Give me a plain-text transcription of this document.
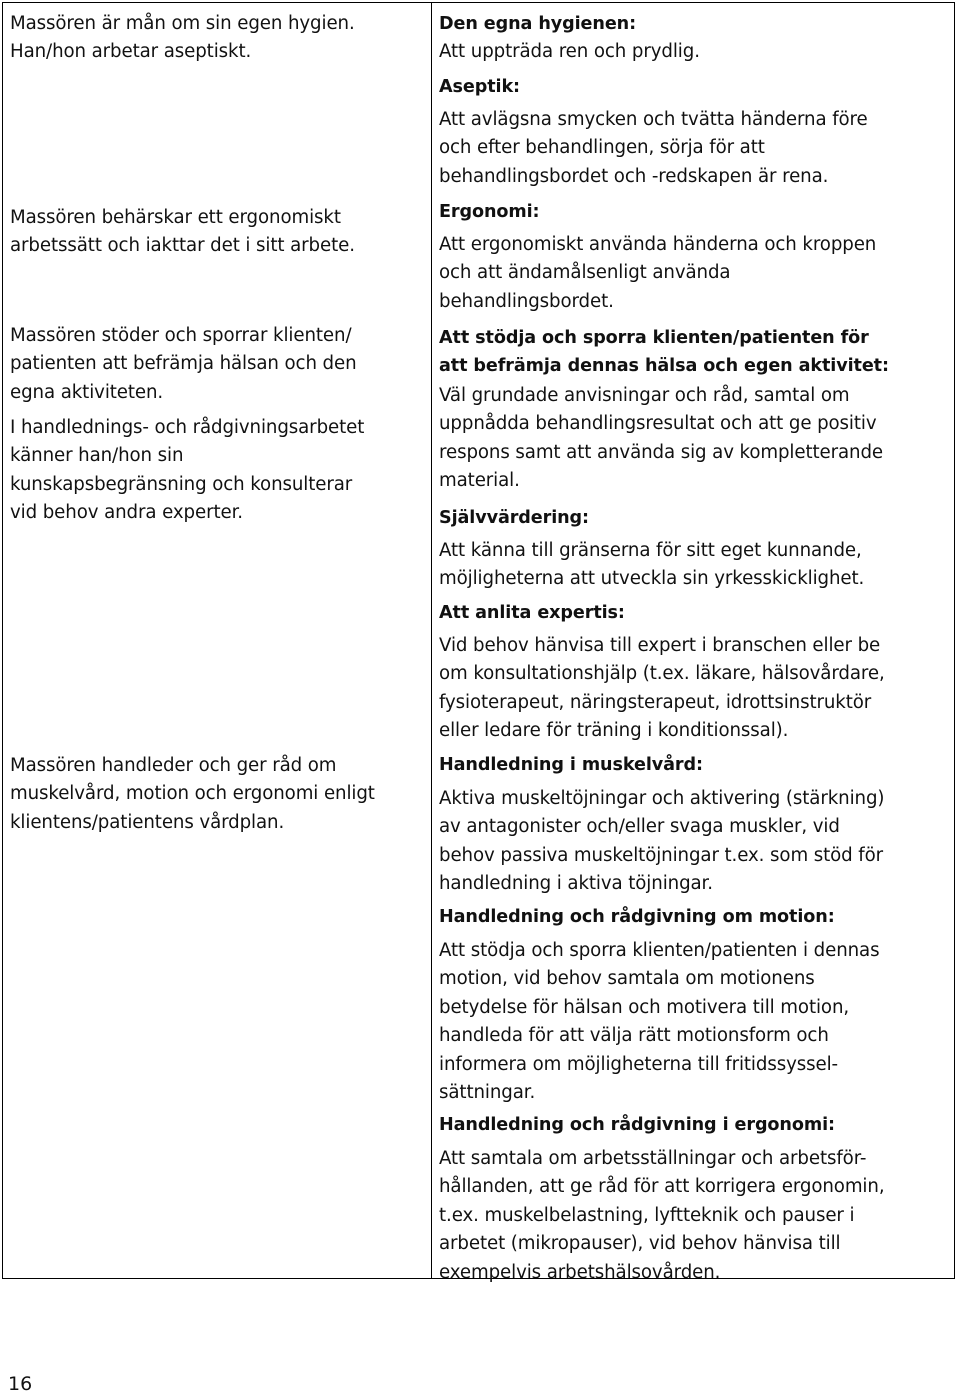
Massören är mån om sin egen hygien.
Han/hon arbetar aseptiskt.

Massören behärskar ett ergonomiskt
arbetssätt och iakttar det i sitt arbete.

Massören stöder och sporrar klienten/
patienten att befrämja hälsan och den
egna aktiviteten.

I handlednings- och rådgivningsarbetet
känner han/hon sin
kunskapsbegränsning och konsulterar
vid behov andra experter.

Massören handleder och ger råd om
muskelvård, motion och ergonomi enligt
klientens/patientens vårdplan.

Den egna hygienen:

Att uppträda ren och prydlig.

Aseptik:

Att avlägsna smycken och tvätta händerna före
och efter behandlingen, sörja för att
behandlingsbordet och -redskapen är rena.

Ergonomi:

Att ergonomiskt använda händerna och kroppen
och att ändamålsenligt använda
behandlingsbordet.

Att stödja och sporra klienten/patienten för
att befrämja dennas hälsa och egen aktivitet:

Väl grundade anvisningar och råd, samtal om
uppnådda behandlingsresultat och att ge positiv
respons samt att använda sig av kompletterande
material.

Självvärdering:

Att känna till gränserna för sitt eget kunnande,
möjligheterna att utveckla sin yrkesskicklighet.

Att anlita expertis:

Vid behov hänvisa till expert i branschen eller be
om konsultationshjälp (t.ex. läkare, hälsovårdare,
fysioterapeut, näringsterapeut, idrottsinstruktör
eller ledare för träning i konditionssal).

Handledning i muskelvård:

Aktiva muskeltöjningar och aktivering (stärkning)
av antagonister och/eller svaga muskler, vid
behov passiva muskeltöjningar t.ex. som stöd för
handledning i aktiva töjningar.

Handledning och rådgivning om motion:

Att stödja och sporra klienten/patienten i dennas
motion, vid behov samtala om motionens
betydelse för hälsan och motivera till motion,
handleda för att välja rätt motionsform och
informera om möjligheterna till fritidssyssel-
sättningar.

Handledning och rådgivning i ergonomi:

Att samtala om arbetsställningar och arbetsför-
hållanden, att ge råd för att korrigera ergonomin,
t.ex. muskelbelastning, lyftteknik och pauser i
arbetet (mikropauser), vid behov hänvisa till
exempelvis arbetshälsovården.

16
